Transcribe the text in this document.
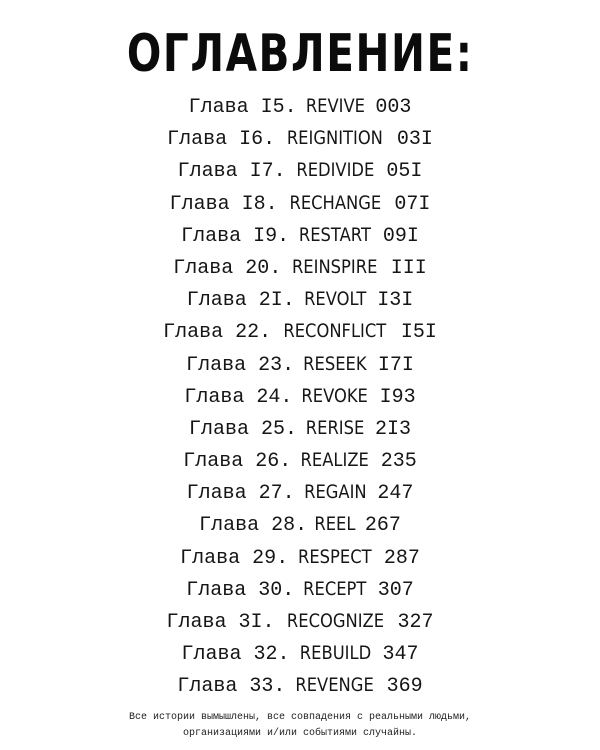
ОГЛАВЛЕНИЕ:
Глава I5. REVIVE 003
Глава I6. REIGNITION 03I
Глава I7. REDIVIDE 05I
Глава I8. RECHANGE 07I
Глава I9. RESTART 09I
Глава 20. REINSPIRE III
Глава 2I. REVOLT I3I
Глава 22. RECONFLICT I5I
Глава 23. RESEEK I7I
Глава 24. REVOKE I93
Глава 25. RERISE 2I3
Глава 26. REALIZE 235
Глава 27. REGAIN 247
Глава 28. REEL 267
Глава 29. RESPECT 287
Глава 30. RECEPT 307
Глава 3I. RECOGNIZE 327
Глава 32. REBUILD 347
Глава 33. REVENGE 369
Все истории вымышлены, все совпадения с реальными людьми,
организациями и/или событиями случайны.
